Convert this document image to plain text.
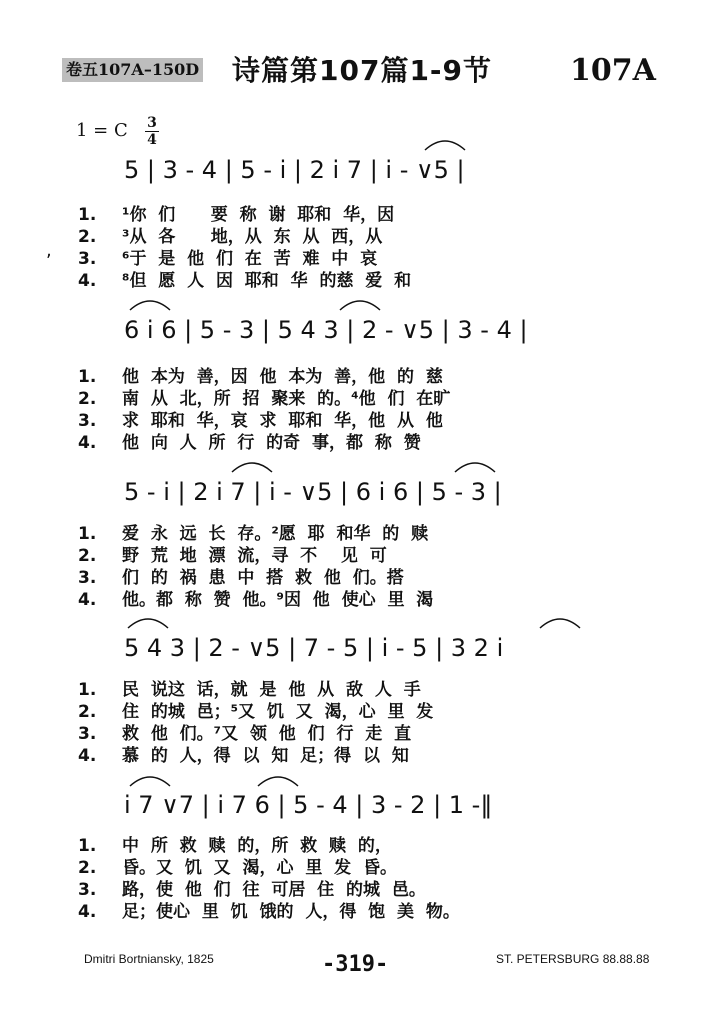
卷五107A–150D 诗篇第107篇1-9节	107A
1 = C 3
4
,
5 | 3 - 4 | 5 - i | 2 i 7 | i - ∨5 |
1.	¹你  们      要  称  谢  耶和  华，因
2.	³从  各      地，从  东  从  西，从
3.	⁶于  是  他  们  在  苦  难  中  哀
4.	⁸但  愿  人  因  耶和  华  的慈  爱  和
6 i 6 | 5 - 3 | 5 4 3 | 2 - ∨5 | 3 - 4 |
1.	他  本为  善，因  他  本为  善，他  的  慈
2.	南  从  北，所  招  聚来  的。⁴他  们  在旷
3.	求  耶和  华，哀  求  耶和  华，他  从  他
4.	他  向  人  所  行  的奇  事，都  称  赞
5 - i | 2 i 7 | i - ∨5 | 6 i 6 | 5 - 3 |
1.	爱  永  远  长  存。²愿  耶  和华  的  赎
2.	野  荒  地  漂  流，寻  不    见  可
3.	们  的  祸  患  中  搭  救  他  们。搭
4.	他。都  称  赞  他。⁹因  他  使心  里  渴
5 4 3 | 2 - ∨5 | 7 - 5 | i - 5 | 3 2 i
1.	民  说这  话，就  是  他  从  敌  人  手
2.	住  的城  邑；⁵又  饥  又  渴，心  里  发
3.	救  他  们。⁷又  领  他  们  行  走  直
4.	慕  的  人，得  以  知  足；得  以  知
i 7 ∨7 | i 7 6 | 5 - 4 | 3 - 2 | 1 -‖
1.	中  所  救  赎  的，所  救  赎  的，
2.	昏。又  饥  又  渴，心  里  发  昏。
3.	路，使  他  们  往  可居  住  的城  邑。
4.	足；使心  里  饥  饿的  人，得  饱  美  物。
Dmitri Bortniansky, 1825	-319-	ST. PETERSBURG 88.88.88
